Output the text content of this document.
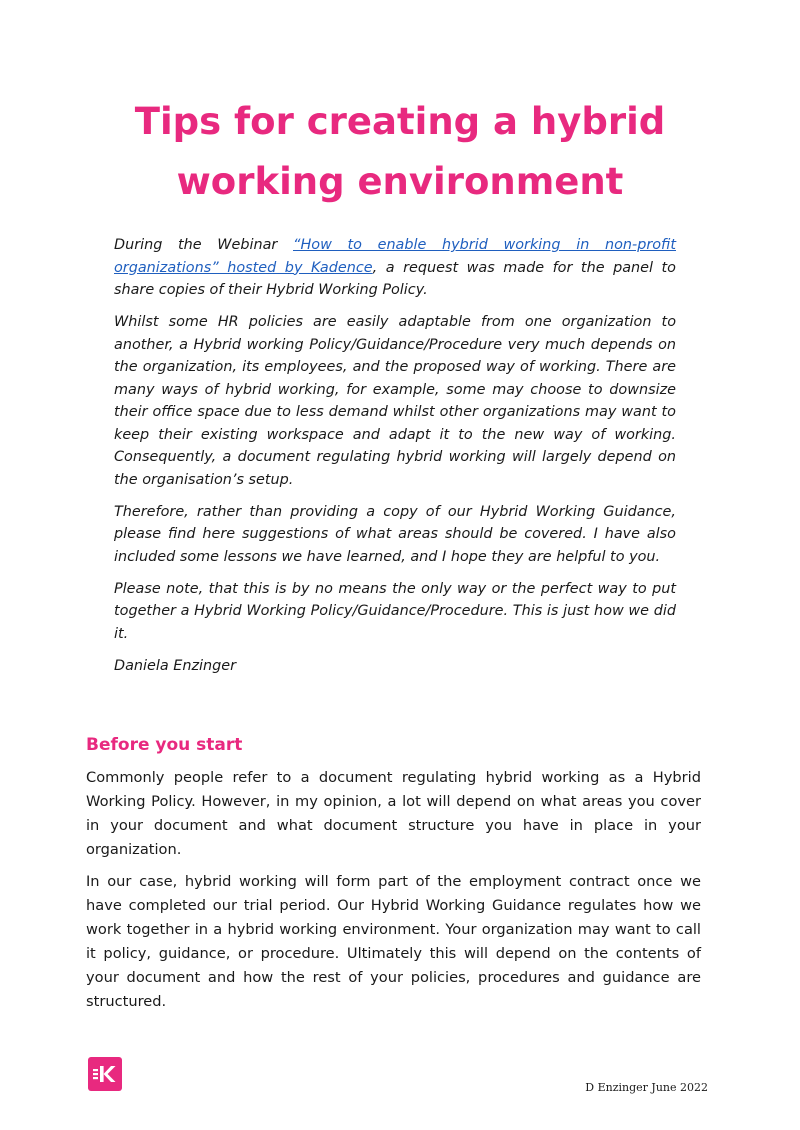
Tips for creating a hybrid
working environment

During the Webinar “How to enable hybrid working in non-profit organizations” hosted by Kadence, a request was made for the panel to share copies of their Hybrid Working Policy.

Whilst some HR policies are easily adaptable from one organization to another, a Hybrid working Policy/Guidance/Procedure very much depends on the organization, its employees, and the proposed way of working. There are many ways of hybrid working, for example, some may choose to downsize their office space due to less demand whilst other organizations may want to keep their existing workspace and adapt it to the new way of working. Consequently, a document regulating hybrid working will largely depend on the organisation’s setup.

Therefore, rather than providing a copy of our Hybrid Working Guidance, please find here suggestions of what areas should be covered. I have also included some lessons we have learned, and I hope they are helpful to you.

Please note, that this is by no means the only way or the perfect way to put together a Hybrid Working Policy/Guidance/Procedure. This is just how we did it.

Daniela Enzinger

Before you start

Commonly people refer to a document regulating hybrid working as a Hybrid Working Policy. However, in my opinion, a lot will depend on what areas you cover in your document and what document structure you have in place in your organization.

In our case, hybrid working will form part of the employment contract once we have completed our trial period. Our Hybrid Working Guidance regulates how we work together in a hybrid working environment. Your organization may want to call it policy, guidance, or procedure. Ultimately this will depend on the contents of your document and how the rest of your policies, procedures and guidance are structured.

D Enzinger June 2022
